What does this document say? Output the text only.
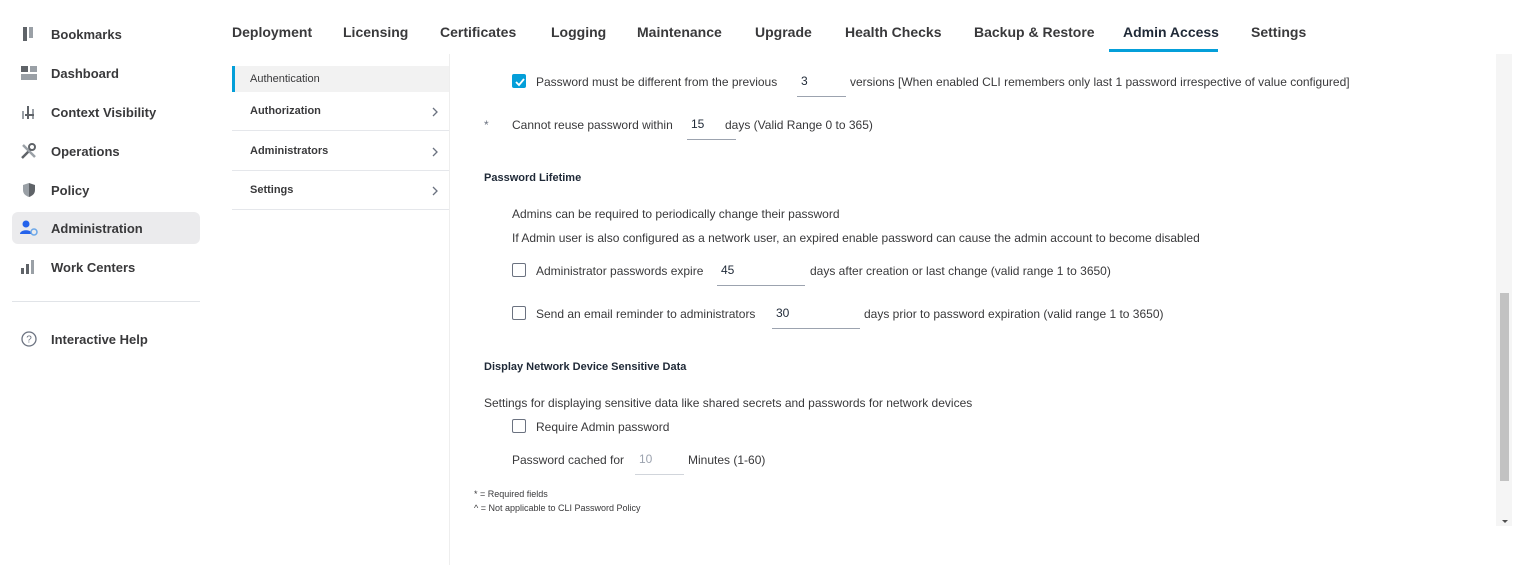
Bookmarks
Dashboard
Context Visibility
Operations
Policy
Administration
Work Centers
? Interactive Help
Deployment Licensing Certificates Logging Maintenance Upgrade Health Checks Backup & Restore Admin Access Settings
Authentication
Authorization
Administrators
Settings
Password must be different from the previous	3	versions [When enabled CLI remembers only last 1 password irrespective of value configured]
* Cannot reuse password within	15	days (Valid Range 0 to 365)
Password Lifetime
Admins can be required to periodically change their password
If Admin user is also configured as a network user, an expired enable password can cause the admin account to become disabled
Administrator passwords expire	45	days after creation or last change (valid range 1 to 3650)
Send an email reminder to administrators	30	days prior to password expiration (valid range 1 to 3650)
Display Network Device Sensitive Data
Settings for displaying sensitive data like shared secrets and passwords for network devices
Require Admin password
Password cached for	10	Minutes (1-60)
* = Required fields
^ = Not applicable to CLI Password Policy
